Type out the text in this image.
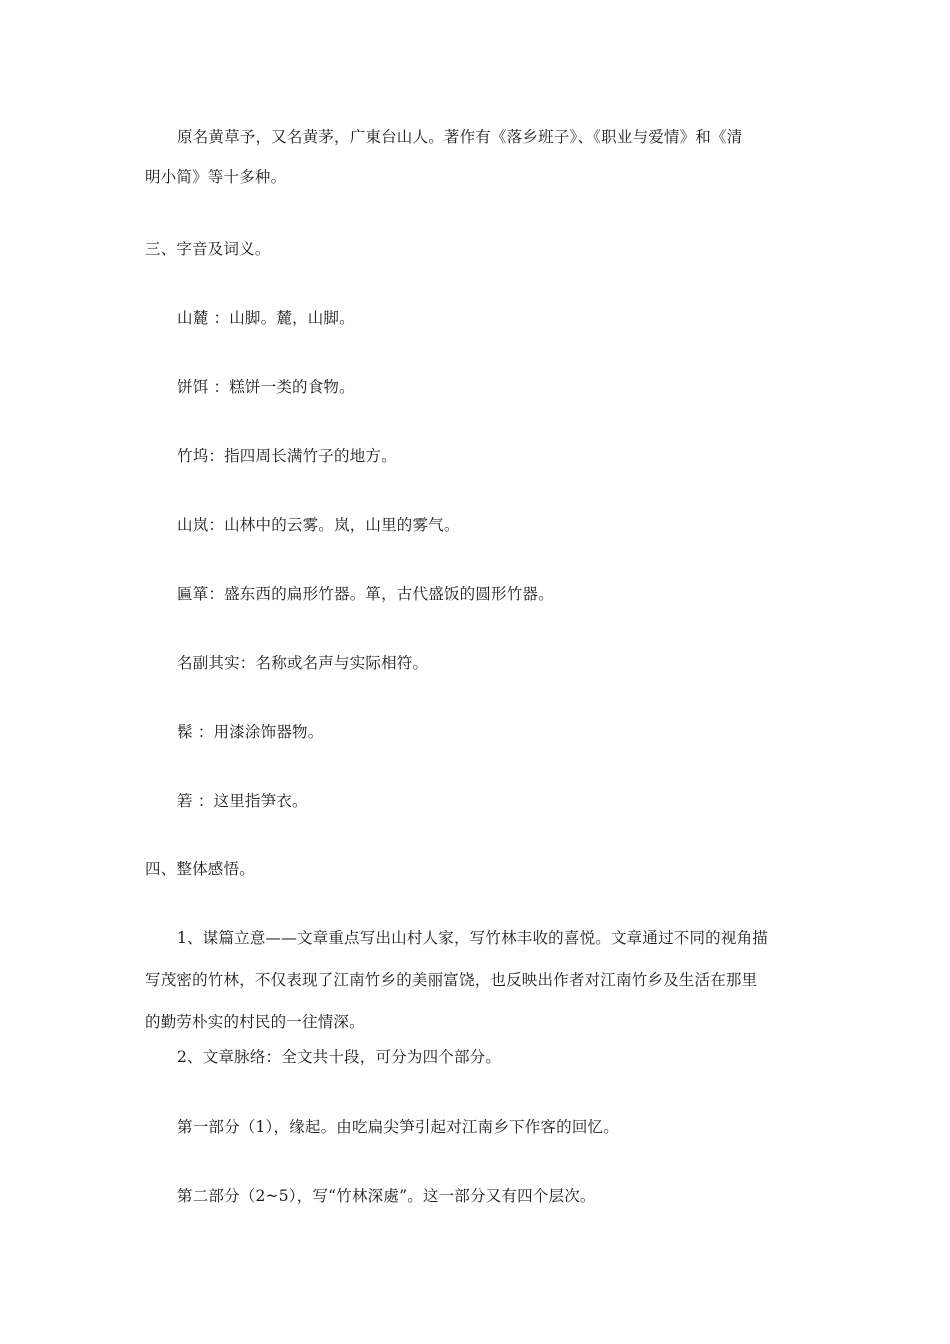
原名黄草予，又名黄茅，广東台山人。著作有《落乡班子》、《职业与爱情》和《清
明小简》等十多种。
三、字音及词义。
山麓 ：山脚。麓，山脚。
饼饵 ：糕饼一类的食物。
竹坞：指四周长满竹子的地方。
山岚：山林中的云雾。岚，山里的雾气。
匾箪：盛东西的扁形竹器。箪，古代盛饭的圆形竹器。
名副其实：名称或名声与实际相符。
髹 ：用漆涂饰器物。
箬 ：这里指笋衣。
四、整体感悟。
1、谋篇立意——文章重点写出山村人家，写竹林丰收的喜悦。文章通过不同的视角描
写茂密的竹林，不仅表现了江南竹乡的美丽富饶，也反映出作者对江南竹乡及生活在那里
的勤劳朴实的村民的一往情深。
2、文章脉络：全文共十段，可分为四个部分。
第一部分（1），缘起。由吃扁尖笋引起对江南乡下作客的回忆。
第二部分（2~5），写“竹林深處”。这一部分又有四个层次。
